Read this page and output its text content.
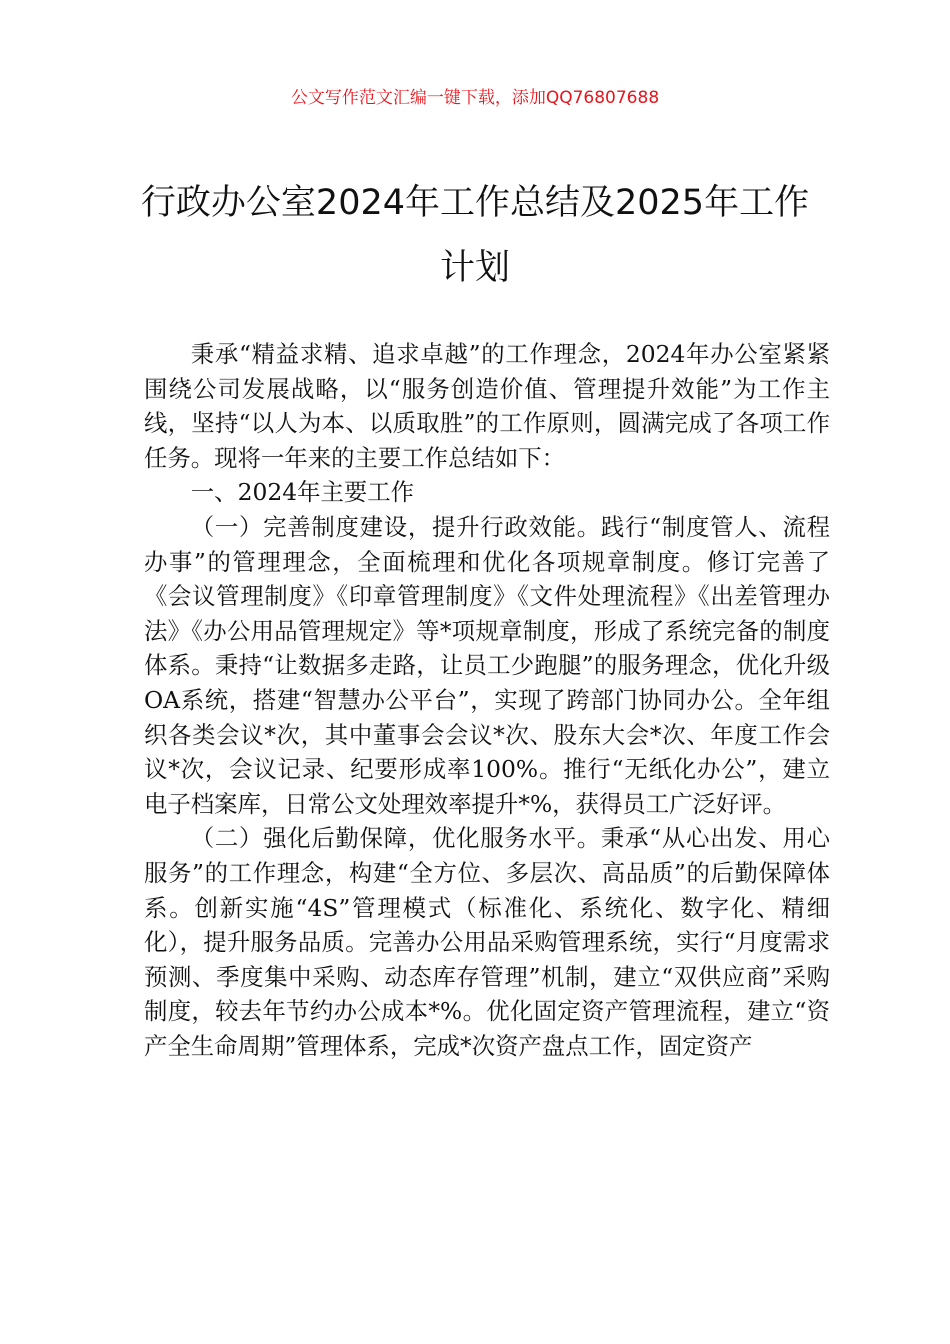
公文写作范文汇编一键下载，添加QQ76807688
行政办公室2024年工作总结及2025年工作
计划

秉承“精益求精、追求卓越”的工作理念，2024年办公室紧紧围绕公司发展战略，以“服务创造价值、管理提升效能”为工作主线，坚持“以人为本、以质取胜”的工作原则，圆满完成了各项工作任务。现将一年来的主要工作总结如下：

一、2024年主要工作

（一）完善制度建设，提升行政效能。践行“制度管人、流程办事”的管理理念，全面梳理和优化各项规章制度。修订完善了《会议管理制度》《印章管理制度》《文件处理流程》《出差管理办法》《办公用品管理规定》等*项规章制度，形成了系统完备的制度体系。秉持“让数据多走路，让员工少跑腿”的服务理念，优化升级OA系统，搭建“智慧办公平台”，实现了跨部门协同办公。全年组织各类会议*次，其中董事会会议*次、股东大会*次、年度工作会议*次，会议记录、纪要形成率100%。推行“无纸化办公”，建立电子档案库，日常公文处理效率提升*%，获得员工广泛好评。

（二）强化后勤保障，优化服务水平。秉承“从心出发、用心服务”的工作理念，构建“全方位、多层次、高品质”的后勤保障体系。创新实施“4S”管理模式（标准化、系统化、数字化、精细化），提升服务品质。完善办公用品采购管理系统，实行“月度需求预测、季度集中采购、动态库存管理”机制，建立“双供应商”采购制度，较去年节约办公成本*%。优化固定资产管理流程，建立“资产全生命周期”管理体系，完成*次资产盘点工作，固定资产
